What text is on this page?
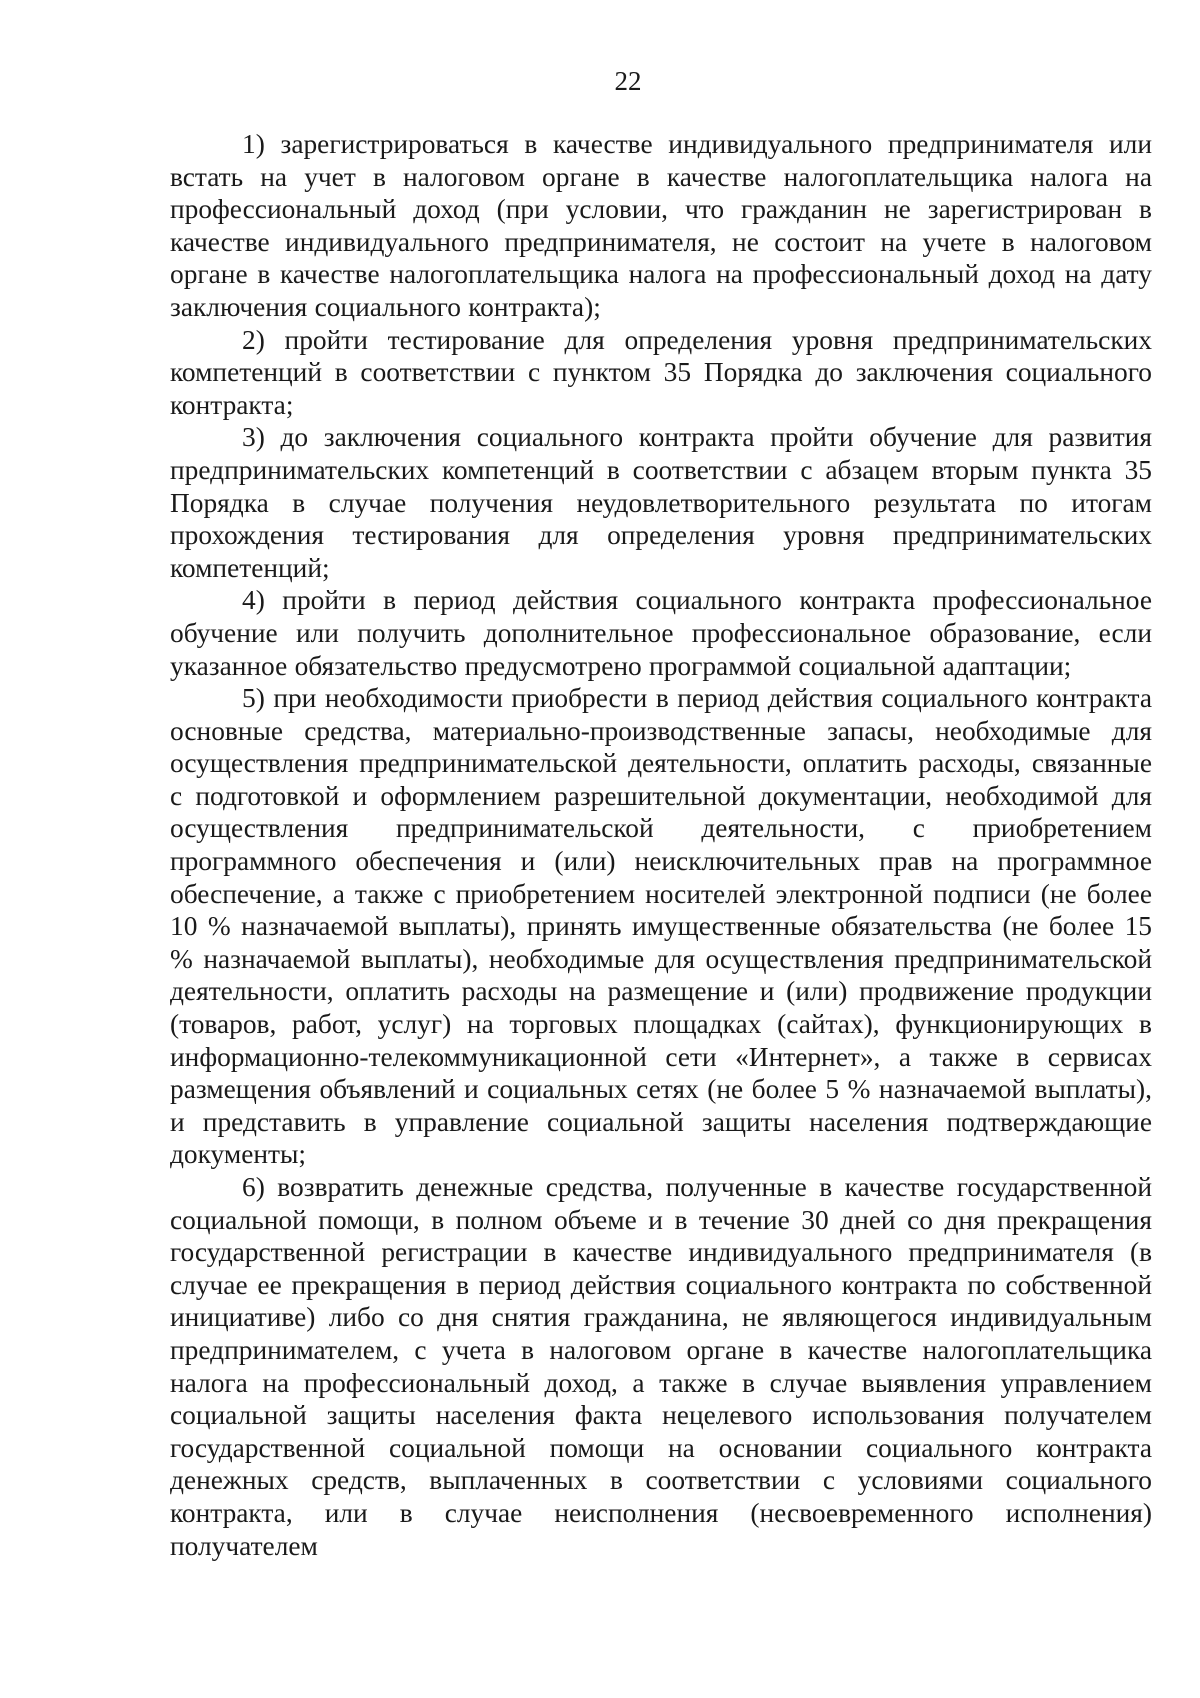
22

1) зарегистрироваться в качестве индивидуального предпринимателя или встать на учет в налоговом органе в качестве налогоплательщика налога на профессиональный доход (при условии, что гражданин не зарегистрирован в качестве индивидуального предпринимателя, не состоит на учете в налоговом органе в качестве налогоплательщика налога на профессиональный доход на дату заключения социального контракта);

2) пройти тестирование для определения уровня предпринимательских компетенций в соответствии с пунктом 35 Порядка до заключения социального контракта;

3) до заключения социального контракта пройти обучение для развития предпринимательских компетенций в соответствии с абзацем вторым пункта 35 Порядка в случае получения неудовлетворительного результата по итогам прохождения тестирования для определения уровня предпринимательских компетенций;

4) пройти в период действия социального контракта профессиональное обучение или получить дополнительное профессиональное образование, если указанное обязательство предусмотрено программой социальной адаптации;

5) при необходимости приобрести в период действия социального контракта основные средства, материально-производственные запасы, необходимые для осуществления предпринимательской деятельности, оплатить расходы, связанные с подготовкой и оформлением разрешительной документации, необходимой для осуществления предпринимательской деятельности, с приобретением программного обеспечения и (или) неисключительных прав на программное обеспечение, а также с приобретением носителей электронной подписи (не более 10 % назначаемой выплаты), принять имущественные обязательства (не более 15 % назначаемой выплаты), необходимые для осуществления предпринимательской деятельности, оплатить расходы на размещение и (или) продвижение продукции (товаров, работ, услуг) на торговых площадках (сайтах), функционирующих в информационно-телекоммуникационной сети «Интернет», а также в сервисах размещения объявлений и социальных сетях (не более 5 % назначаемой выплаты), и представить в управление социальной защиты населения подтверждающие документы;

6) возвратить денежные средства, полученные в качестве государственной социальной помощи, в полном объеме и в течение 30 дней со дня прекращения государственной регистрации в качестве индивидуального предпринимателя (в случае ее прекращения в период действия социального контракта по собственной инициативе) либо со дня снятия гражданина, не являющегося индивидуальным предпринимателем, с учета в налоговом органе в качестве налогоплательщика налога на профессиональный доход, а также в случае выявления управлением социальной защиты населения факта нецелевого использования получателем государственной социальной помощи на основании социального контракта денежных средств, выплаченных в соответствии с условиями социального контракта, или в случае неисполнения (несвоевременного исполнения) получателем
